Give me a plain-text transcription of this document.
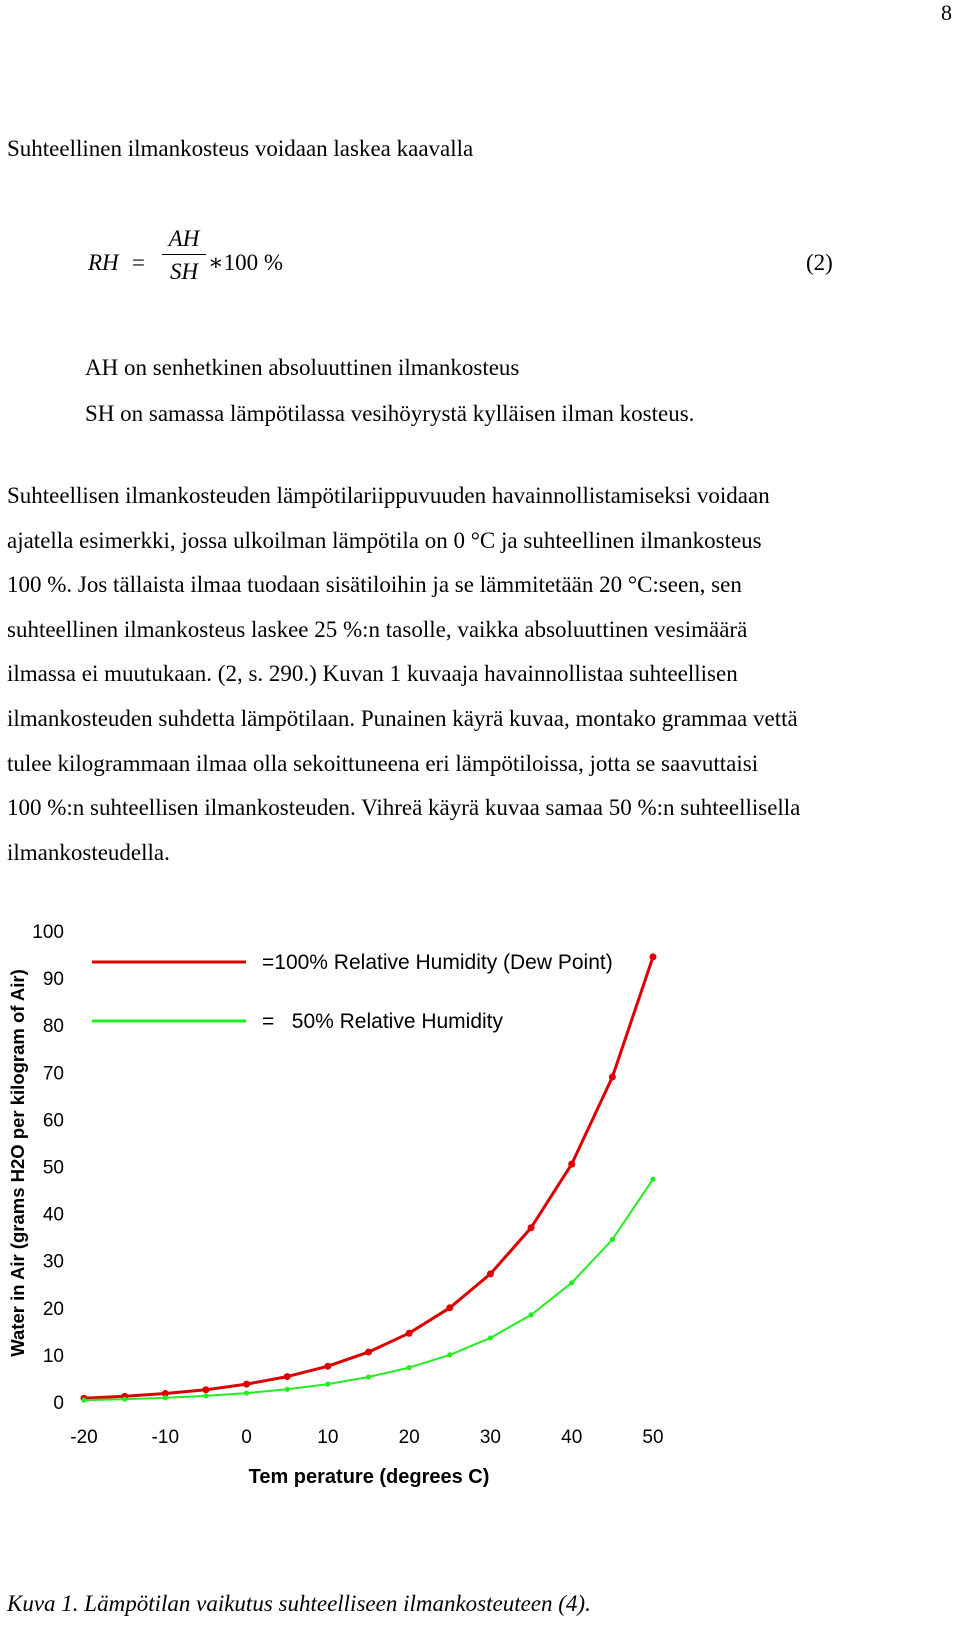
8
Suhteellinen ilmankosteus voidaan laskea kaavalla
RH = $\frac{AH}{SH}$ ∗100 %	(2)
AH on senhetkinen absoluuttinen ilmankosteus
SH on samassa lämpötilassa vesihöyrystä kylläisen ilman kosteus.
Suhteellisen ilmankosteuden lämpötilariippuvuuden havainnollistamiseksi voidaan
ajatella esimerkki, jossa ulkoilman lämpötila on 0 °C ja suhteellinen ilmankosteus
100 %. Jos tällaista ilmaa tuodaan sisätiloihin ja se lämmitetään 20 °C:seen, sen
suhteellinen ilmankosteus laskee 25 %:n tasolle, vaikka absoluuttinen vesimäärä
ilmassa ei muutukaan. (2, s. 290.) Kuvan 1 kuvaaja havainnollistaa suhteellisen
ilmankosteuden suhdetta lämpötilaan. Punainen käyrä kuvaa, montako grammaa vettä
tulee kilogrammaan ilmaa olla sekoittuneena eri lämpötiloissa, jotta se saavuttaisi
100 %:n suhteellisen ilmankosteuden. Vihreä käyrä kuvaa samaa 50 %:n suhteellisella
ilmankosteudella.
0
10
20
30
40
50
60
70
80
90
100
-20	-10	0	10	20	30	40	50
=100% Relative Humidity (Dew Point)
=   50% Relative Humidity
Tem perature (degrees C)
Water in Air (grams H2O per kilogram of Air)
Kuva 1. Lämpötilan vaikutus suhteelliseen ilmankosteuteen (4).
